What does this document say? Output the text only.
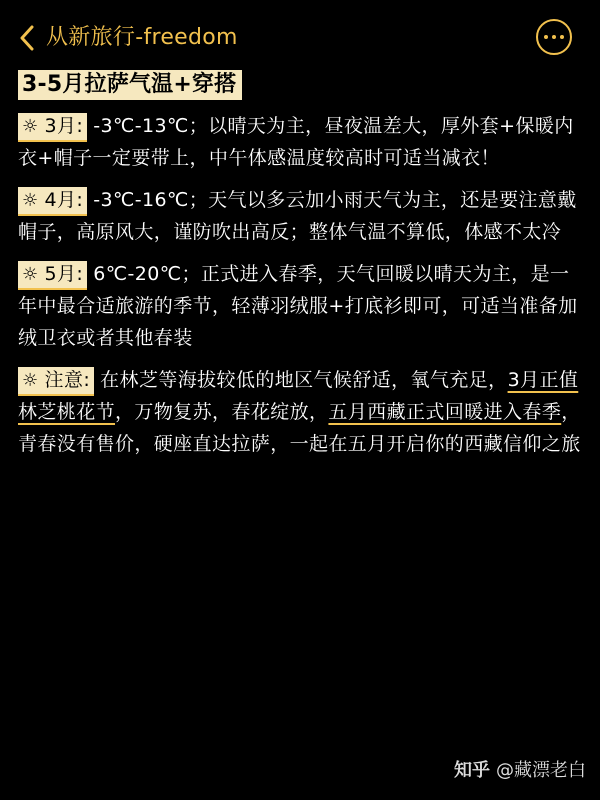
从新旅行-freedom
3-5月拉萨气温+穿搭
☼ 3月: -3℃-13℃；以晴天为主，昼夜温差大，厚外套+保暖内衣+帽子一定要带上，中午体感温度较高时可适当减衣！
☼ 4月: -3℃-16℃；天气以多云加小雨天气为主，还是要注意戴帽子，高原风大，谨防吹出高反；整体气温不算低，体感不太冷
☼ 5月: 6℃-20℃；正式进入春季，天气回暖以晴天为主，是一年中最合适旅游的季节，轻薄羽绒服+打底衫即可，可适当准备加绒卫衣或者其他春装
☼ 注意: 在林芝等海拔较低的地区气候舒适，氧气充足，3月正值林芝桃花节，万物复苏，春花绽放，五月西藏正式回暖进入春季，青春没有售价，硬座直达拉萨，一起在五月开启你的西藏信仰之旅
知乎 @藏漂老白
